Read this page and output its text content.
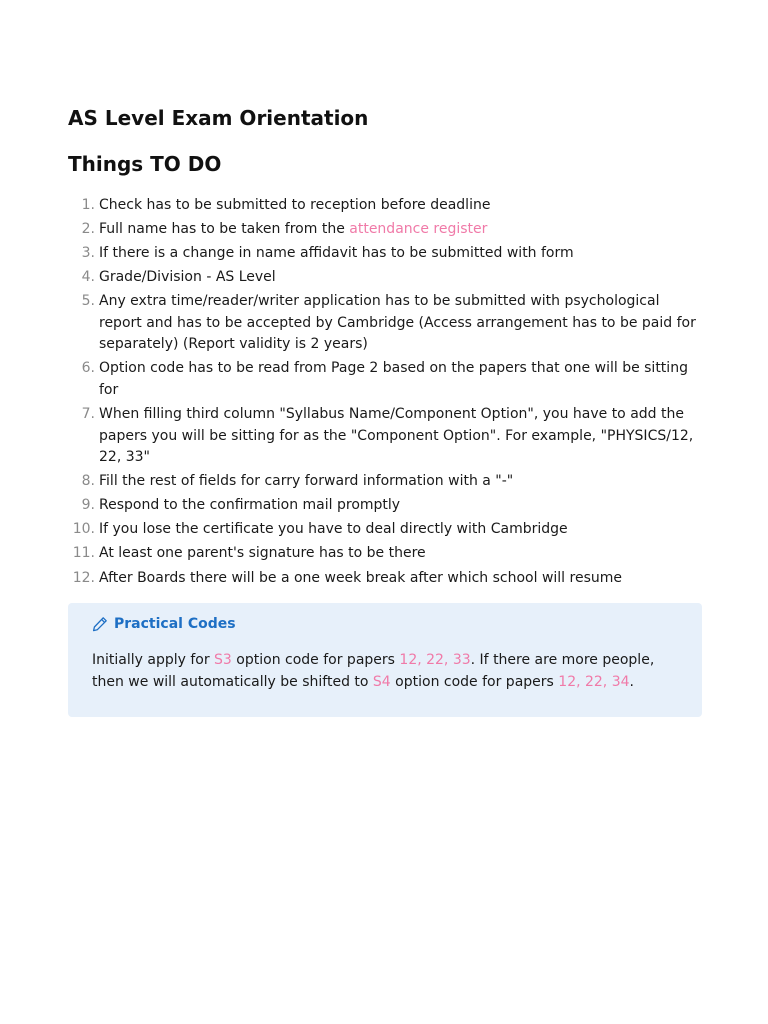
AS Level Exam Orientation
Things TO DO
1. Check has to be submitted to reception before deadline
2. Full name has to be taken from the attendance register
3. If there is a change in name affidavit has to be submitted with form
4. Grade/Division - AS Level
5. Any extra time/reader/writer application has to be submitted with psychological report and has to be accepted by Cambridge (Access arrangement has to be paid for separately) (Report validity is 2 years)
6. Option code has to be read from Page 2 based on the papers that one will be sitting for
7. When filling third column "Syllabus Name/Component Option", you have to add the papers you will be sitting for as the "Component Option". For example, "PHYSICS/12, 22, 33"
8. Fill the rest of fields for carry forward information with a "-"
9. Respond to the confirmation mail promptly
10. If you lose the certificate you have to deal directly with Cambridge
11. At least one parent's signature has to be there
12. After Boards there will be a one week break after which school will resume
Practical Codes
Initially apply for S3 option code for papers 12, 22, 33. If there are more people, then we will automatically be shifted to S4 option code for papers 12, 22, 34.
